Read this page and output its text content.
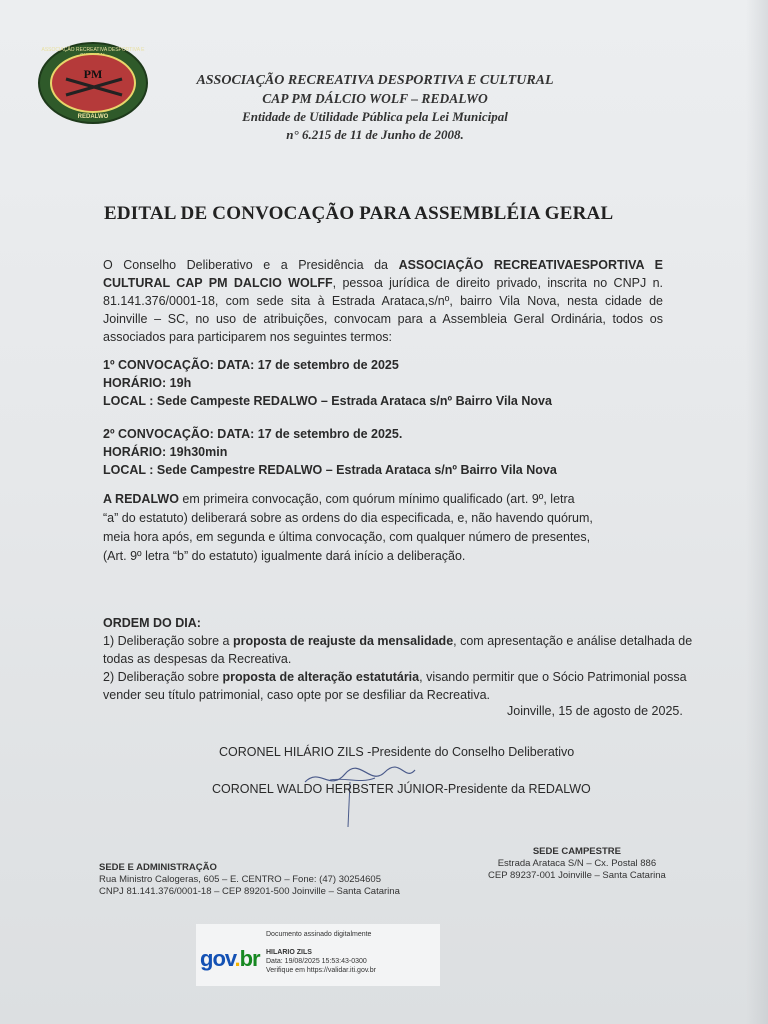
ASSOCIAÇÃO RECREATIVA DESPORTIVA E
PM
REDALWO
ASSOCIAÇÃO RECREATIVA DESPORTIVA E CULTURAL
CAP PM DÁLCIO WOLF – REDALWO
Entidade de Utilidade Pública pela Lei Municipal
n° 6.215 de 11 de Junho de 2008.
EDITAL DE CONVOCAÇÃO PARA ASSEMBLÉIA GERAL
O Conselho Deliberativo e a Presidência da ASSOCIAÇÃO RECREATIVAESPORTIVA E CULTURAL CAP PM DALCIO WOLFF, pessoa jurídica de direito privado, inscrita no CNPJ n. 81.141.376/0001-18, com sede sita à Estrada Arataca,s/nº, bairro Vila Nova, nesta cidade de Joinville – SC, no uso de atribuições, convocam para a Assembleia Geral Ordinária, todos os associados para participarem nos seguintes termos:
1º CONVOCAÇÃO: DATA: 17 de setembro de 2025
HORÁRIO: 19h
LOCAL : Sede Campeste REDALWO – Estrada Arataca s/nº Bairro Vila Nova
2º CONVOCAÇÃO: DATA: 17 de setembro de 2025.
HORÁRIO: 19h30min
LOCAL : Sede Campestre REDALWO – Estrada Arataca s/nº Bairro Vila Nova
A REDALWO em primeira convocação, com quórum mínimo qualificado (art. 9º, letra “a” do estatuto) deliberará sobre as ordens do dia especificada, e, não havendo quórum, meia hora após, em segunda e última convocação, com qualquer número de presentes, (Art. 9º letra “b” do estatuto) igualmente dará início a deliberação.
ORDEM DO DIA:
1) Deliberação sobre a proposta de reajuste da mensalidade, com apresentação e análise detalhada de todas as despesas da Recreativa.
2) Deliberação sobre proposta de alteração estatutária, visando permitir que o Sócio Patrimonial possa vender seu título patrimonial, caso opte por se desfiliar da Recreativa.
Joinville, 15 de agosto de 2025.
CORONEL HILÁRIO ZILS -Presidente do Conselho Deliberativo
CORONEL WALDO HERBSTER JÚNIOR-Presidente da REDALWO
SEDE E ADMINISTRAÇÃO
Rua Ministro Calogeras, 605 – E. CENTRO – Fone: (47) 30254605
CNPJ 81.141.376/0001-18 – CEP 89201-500 Joinville – Santa Catarina
SEDE CAMPESTRE
Estrada Arataca S/N – Cx. Postal 886
CEP 89237-001 Joinville – Santa Catarina
Documento assinado digitalmente
gov.br HILARIO ZILS
Data: 19/08/2025 15:53:43-0300
Verifique em https://validar.iti.gov.br
